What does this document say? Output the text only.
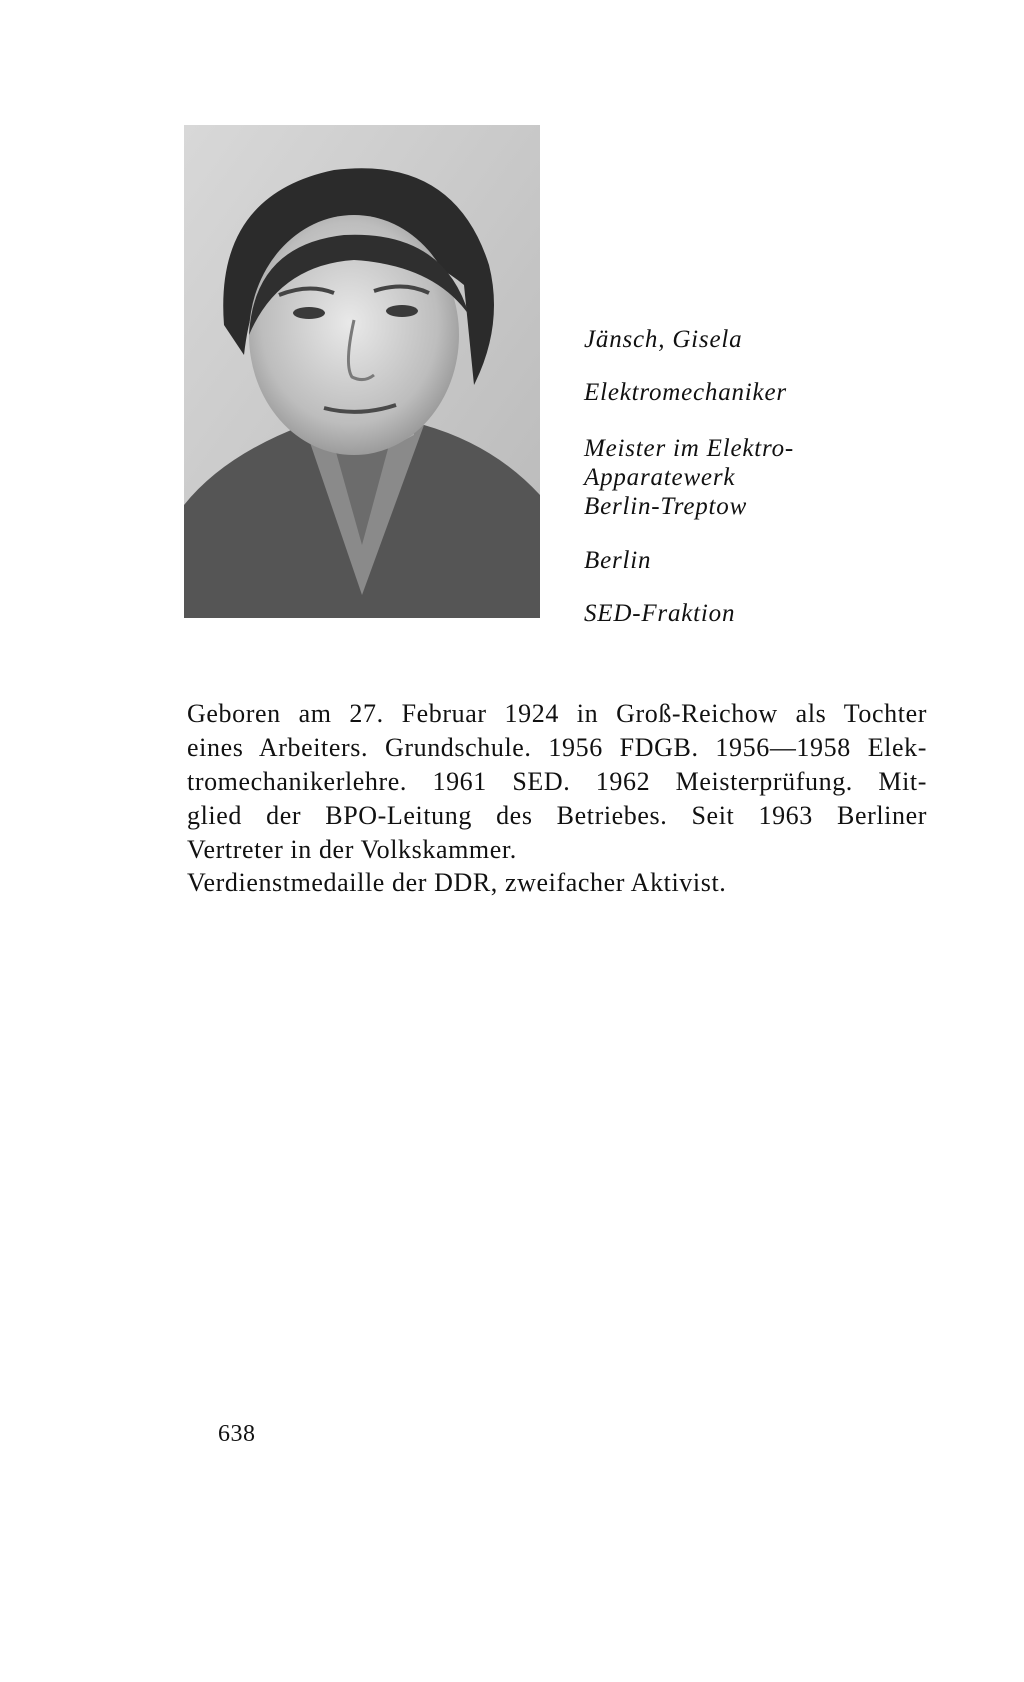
Jänsch, Gisela

Elektromechaniker

Meister im Elektro-

Apparatewerk

Berlin-Treptow

Berlin

SED-Fraktion

Geboren am 27. Februar 1924 in Groß-Reichow als Tochter
eines Arbeiters. Grundschule. 1956 FDGB. 1956—1958 Elek-
tromechanikerlehre. 1961 SED. 1962 Meisterprüfung. Mit-
glied der BPO-Leitung des Betriebes. Seit 1963 Berliner
Vertreter in der Volkskammer.

Verdienstmedaille der DDR, zweifacher Aktivist.

638
